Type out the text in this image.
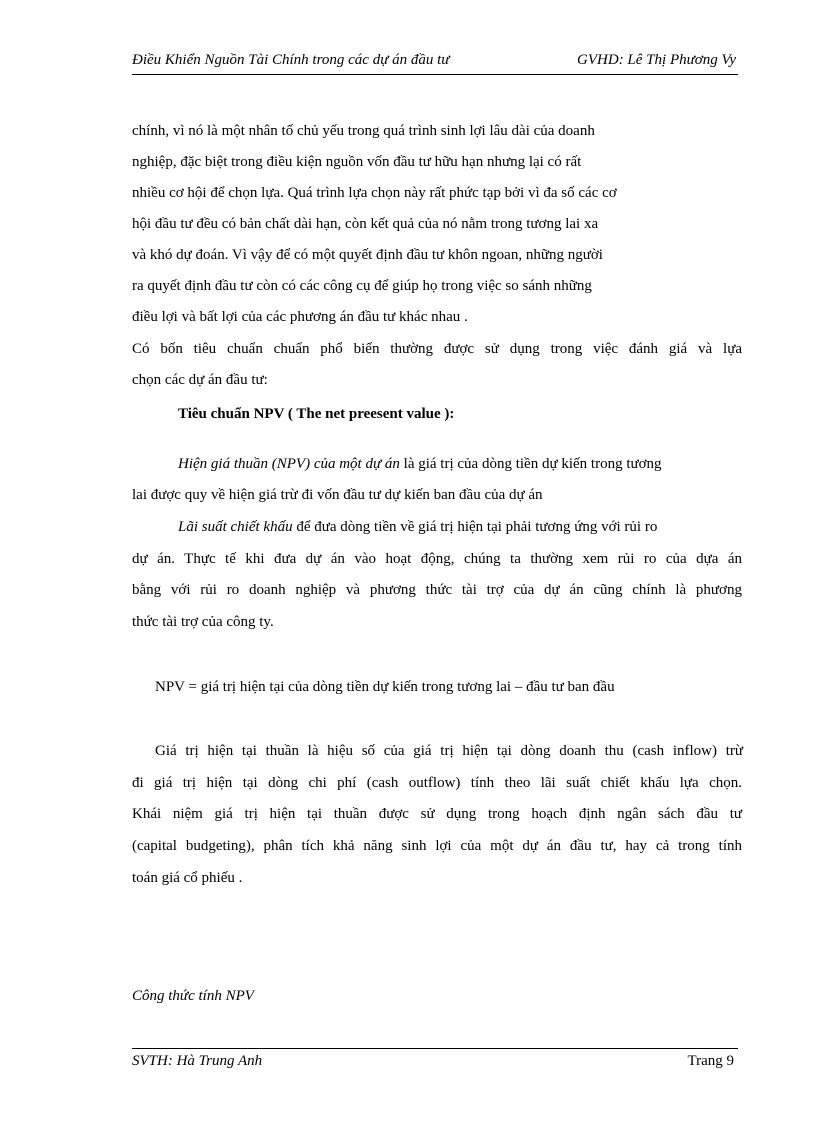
Điều Khiển Nguồn Tài Chính trong các dự án đầu tư	GVHD: Lê Thị Phương Vy
chính, vì nó là một nhân tố chủ yếu trong quá trình sinh lợi lâu dài của doanh
nghiệp, đặc biệt trong điều kiện nguồn vốn đầu tư hữu hạn nhưng lại có rất
nhiều cơ hội để chọn lựa. Quá trình lựa chọn này rất phức tạp bởi vì đa số các cơ
hội đầu tư đều có bản chất dài hạn, còn kết quả của nó nằm trong tương lai xa
và khó dự đoán. Vì vậy để có một quyết định đầu tư khôn ngoan, những người
ra quyết định đầu tư còn có các công cụ để giúp họ trong việc so sánh những
điều lợi và bất lợi của các phương án đầu tư khác nhau .
Có bốn tiêu chuẩn chuẩn phổ biến thường được sử dụng trong việc đánh giá và lựa
chọn các dự án đầu tư:
Tiêu chuẩn NPV ( The net preesent value ):
Hiện giá thuần (NPV) của một dự án là giá trị của dòng tiền dự kiến trong tương
lai được quy về hiện giá trừ đi vốn đầu tư dự kiến ban đầu của dự án
Lãi suất chiết khấu để đưa dòng tiền về giá trị hiện tại phải tương ứng với rủi ro
dự án. Thực tế khi đưa dự án vào hoạt động, chúng ta thường xem rủi ro của dựa án
bằng với rủi ro doanh nghiệp và phương thức tài trợ của dự án cũng chính là phương
thức tài trợ của công ty.
NPV = giá trị hiện tại của dòng tiền dự kiến trong tương lai – đầu tư ban đầu
Giá trị hiện tại thuần là hiệu số của giá trị hiện tại dòng doanh thu (cash inflow) trừ
đi giá trị hiện tại dòng chi phí (cash outflow) tính theo lãi suất chiết khấu lựa chọn.
Khái niệm giá trị hiện tại thuần được sử dụng trong hoạch định ngân sách đầu tư
(capital budgeting), phân tích khả năng sinh lợi của một dự án đầu tư, hay cả trong tính
toán giá cổ phiếu .
Công thức tính NPV
SVTH: Hà Trung Anh	Trang 9
